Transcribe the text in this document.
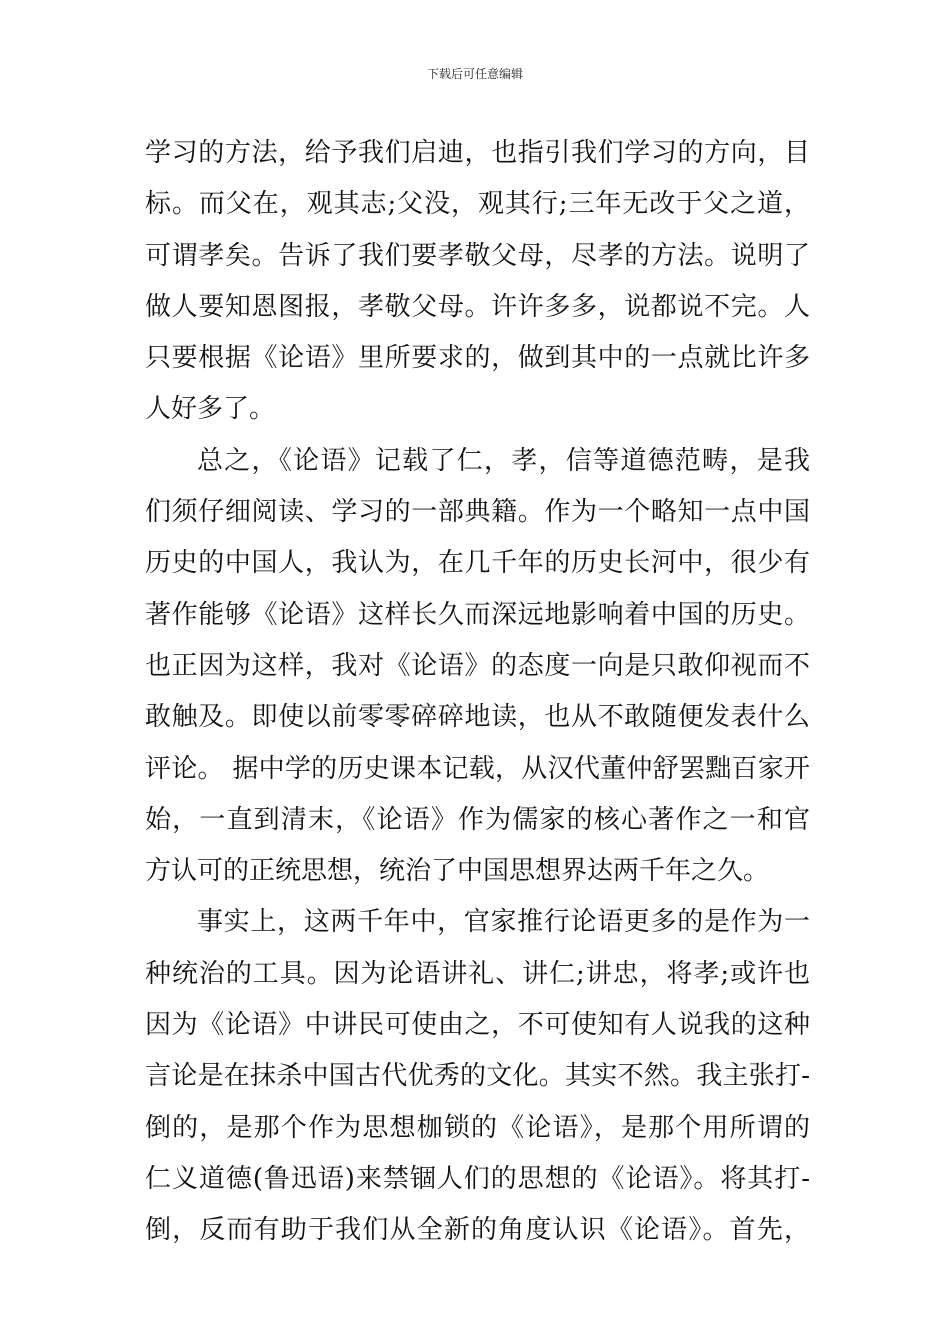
下载后可任意编辑
学习的方法，给予我们启迪，也指引我们学习的方向，目
标。而父在，观其志;父没，观其行;三年无改于父之道，
可谓孝矣。告诉了我们要孝敬父母，尽孝的方法。说明了
做人要知恩图报，孝敬父母。许许多多，说都说不完。人
只要根据《论语》里所要求的，做到其中的一点就比许多
人好多了。
总之，《论语》记载了仁，孝，信等道德范畴，是我
们须仔细阅读、学习的一部典籍。作为一个略知一点中国
历史的中国人，我认为，在几千年的历史长河中，很少有
著作能够《论语》这样长久而深远地影响着中国的历史。
也正因为这样，我对《论语》的态度一向是只敢仰视而不
敢触及。即使以前零零碎碎地读，也从不敢随便发表什么
评论。 据中学的历史课本记载，从汉代董仲舒罢黜百家开
始，一直到清末，《论语》作为儒家的核心著作之一和官
方认可的正统思想，统治了中国思想界达两千年之久。
事实上，这两千年中，官家推行论语更多的是作为一
种统治的工具。因为论语讲礼、讲仁;讲忠，将孝;或许也
因为《论语》中讲民可使由之，不可使知有人说我的这种
言论是在抹杀中国古代优秀的文化。其实不然。我主张打-
倒的，是那个作为思想枷锁的《论语》，是那个用所谓的
仁义道德(鲁迅语)来禁锢人们的思想的《论语》。将其打-
倒，反而有助于我们从全新的角度认识《论语》。首先，
